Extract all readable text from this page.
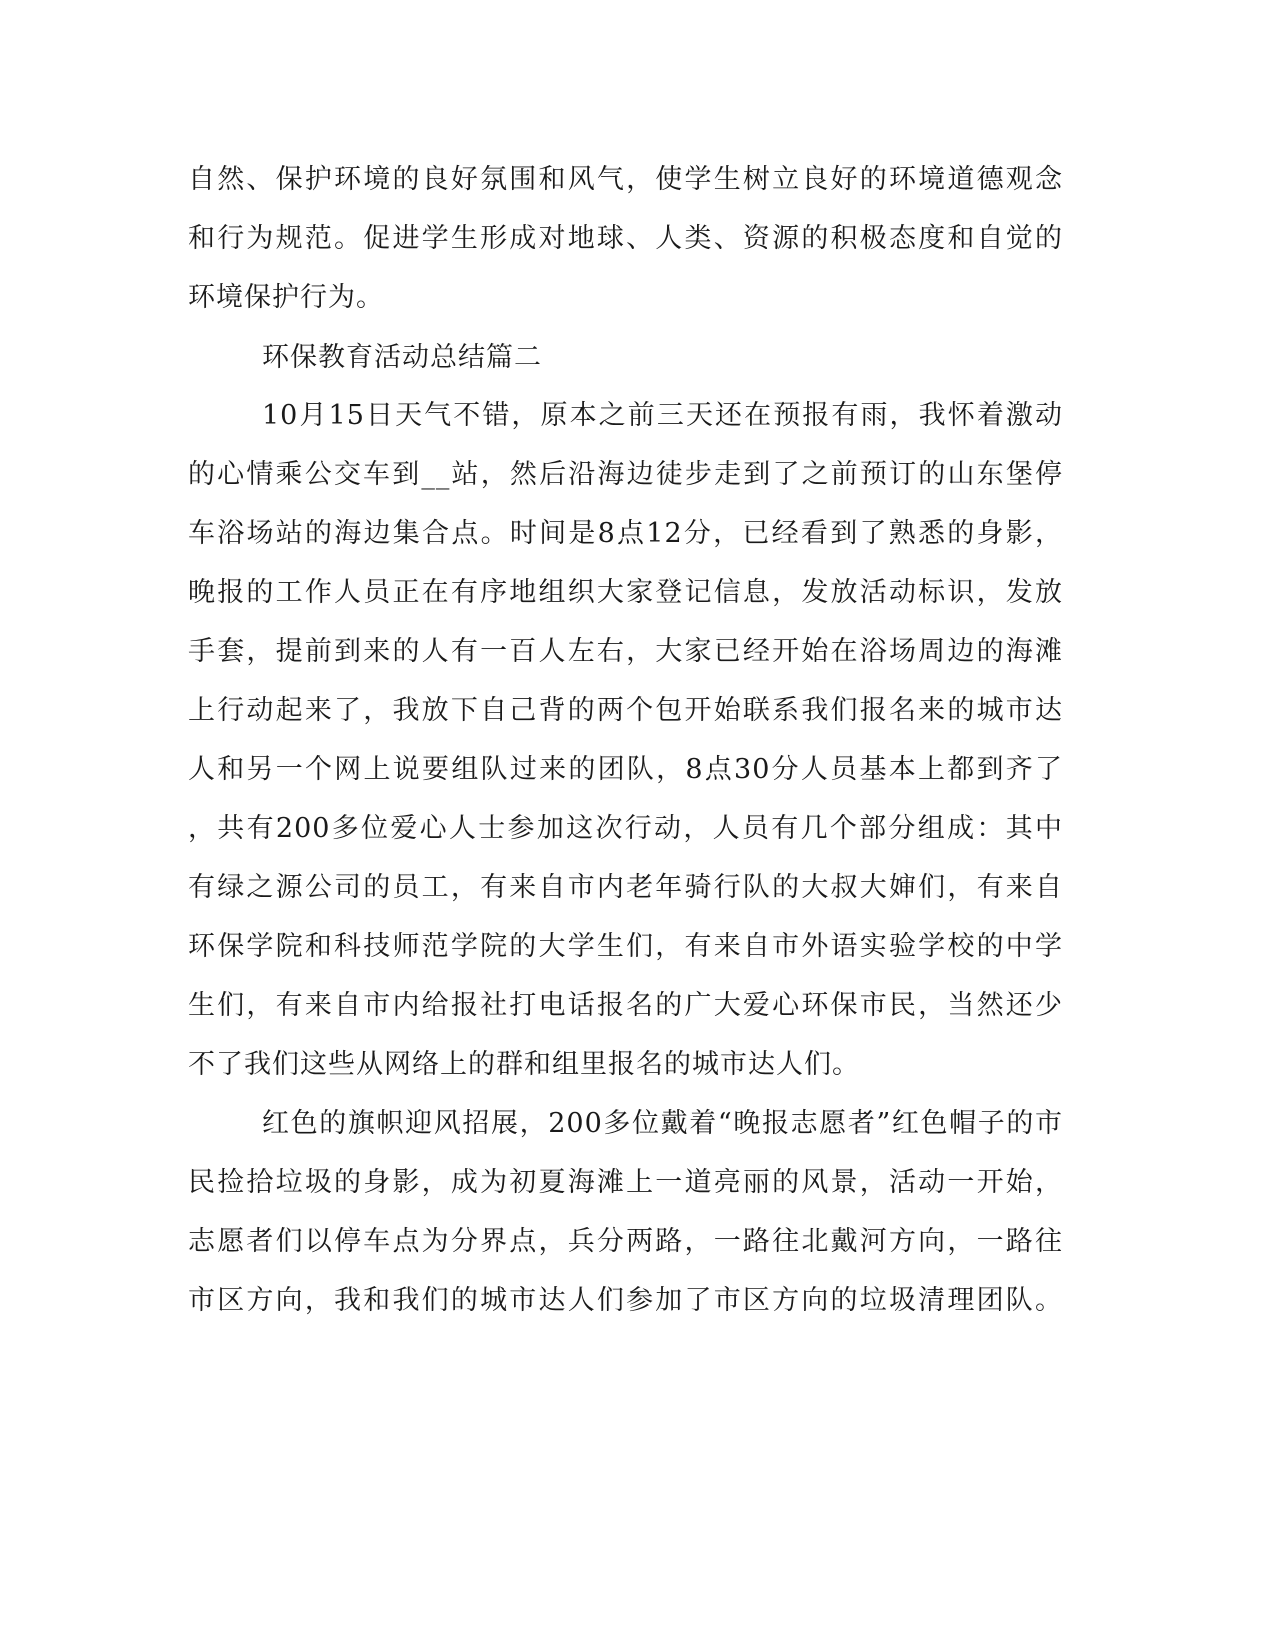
自然、保护环境的良好氛围和风气，使学生树立良好的环境道德观念
和行为规范。促进学生形成对地球、人类、资源的积极态度和自觉的
环境保护行为。
环保教育活动总结篇二
10月15日天气不错，原本之前三天还在预报有雨，我怀着激动
的心情乘公交车到__站，然后沿海边徒步走到了之前预订的山东堡停
车浴场站的海边集合点。时间是8点12分，已经看到了熟悉的身影，
晚报的工作人员正在有序地组织大家登记信息，发放活动标识，发放
手套，提前到来的人有一百人左右，大家已经开始在浴场周边的海滩
上行动起来了，我放下自己背的两个包开始联系我们报名来的城市达
人和另一个网上说要组队过来的团队，8点30分人员基本上都到齐了
，共有200多位爱心人士参加这次行动，人员有几个部分组成：其中
有绿之源公司的员工，有来自市内老年骑行队的大叔大婶们，有来自
环保学院和科技师范学院的大学生们，有来自市外语实验学校的中学
生们，有来自市内给报社打电话报名的广大爱心环保市民，当然还少
不了我们这些从网络上的群和组里报名的城市达人们。
红色的旗帜迎风招展，200多位戴着“晚报志愿者”红色帽子的市
民捡拾垃圾的身影，成为初夏海滩上一道亮丽的风景，活动一开始，
志愿者们以停车点为分界点，兵分两路，一路往北戴河方向，一路往
市区方向，我和我们的城市达人们参加了市区方向的垃圾清理团队。
